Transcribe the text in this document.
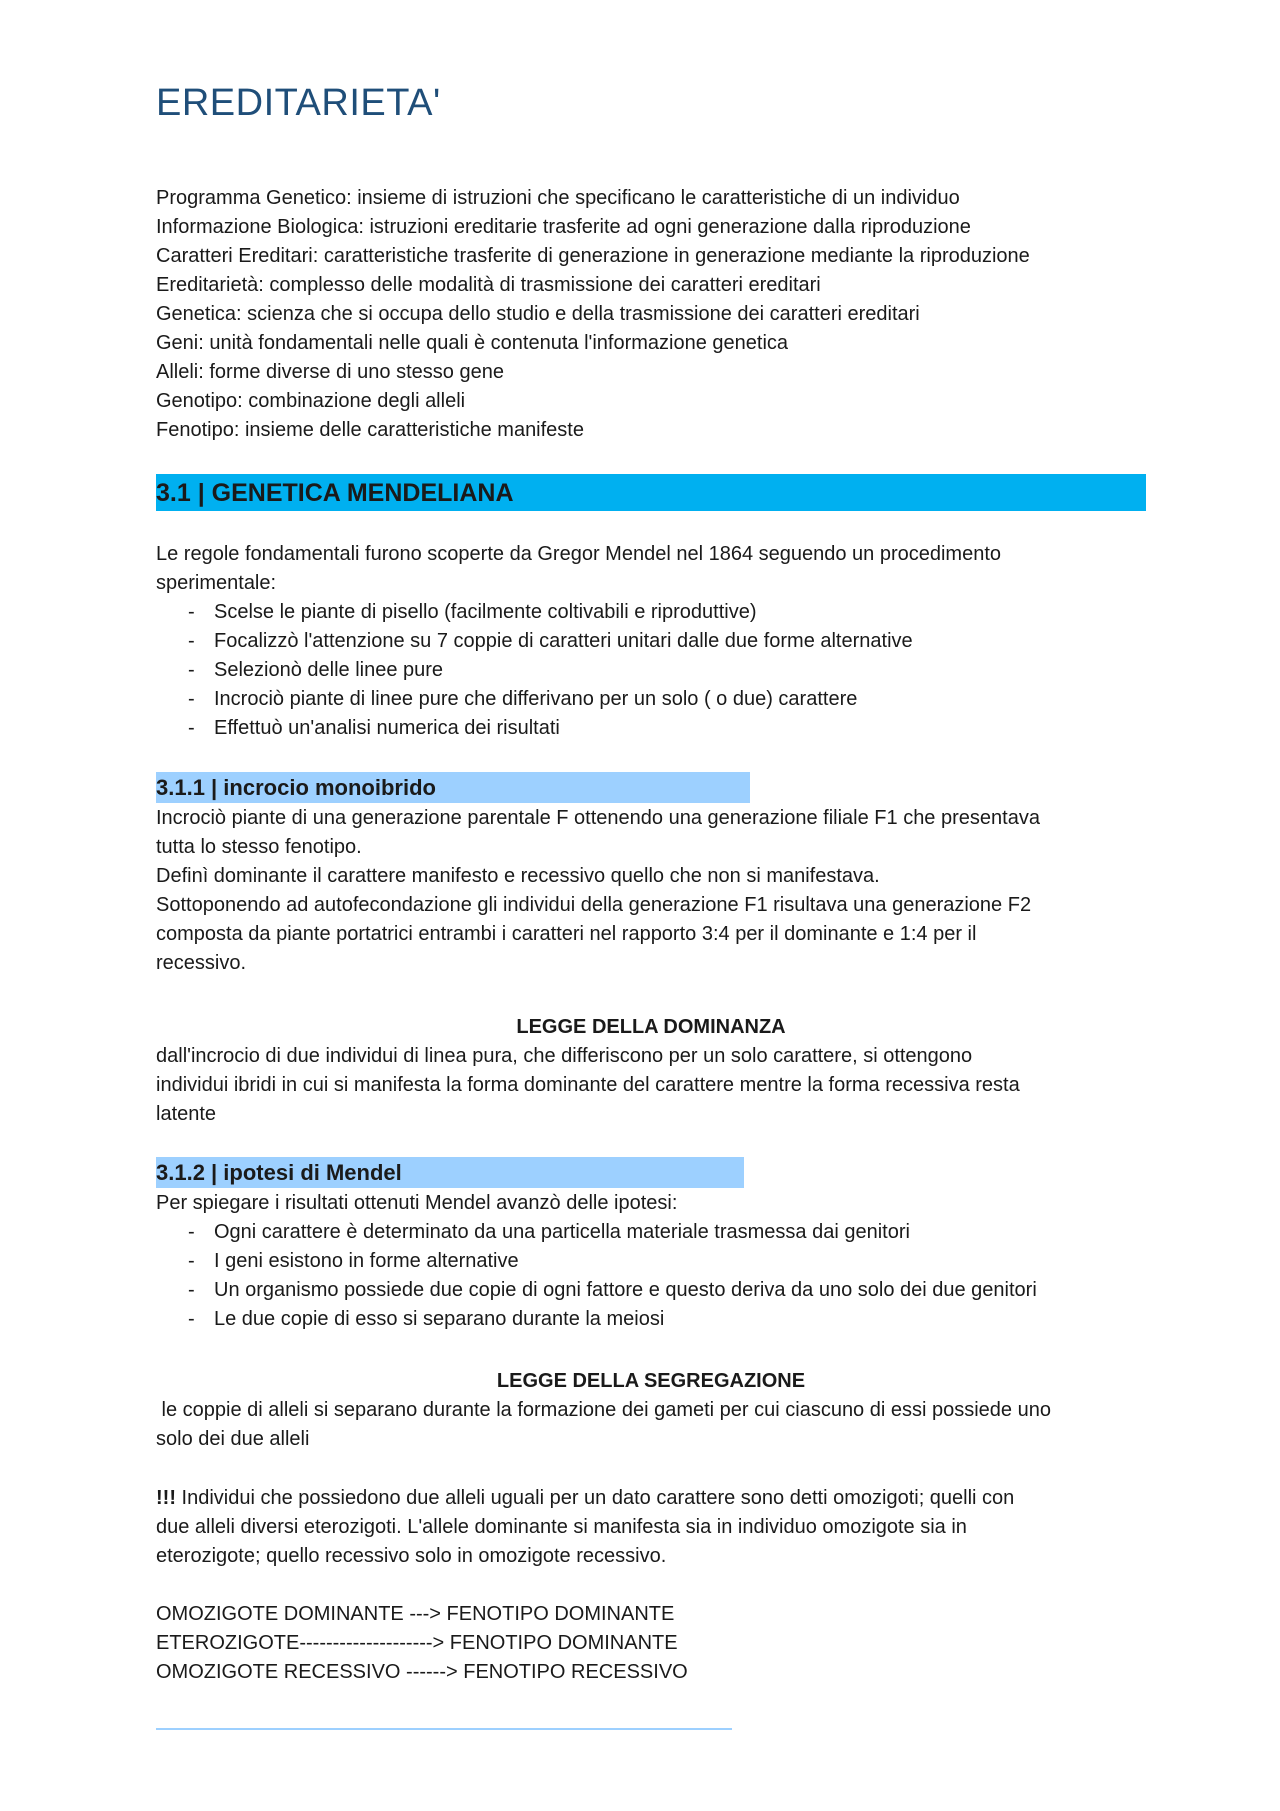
EREDITARIETA'

Programma Genetico: insieme di istruzioni che specificano le caratteristiche di un individuo

Informazione Biologica: istruzioni ereditarie trasferite ad ogni generazione dalla riproduzione

Caratteri Ereditari: caratteristiche trasferite di generazione in generazione mediante la riproduzione

Ereditarietà: complesso delle modalità di trasmissione dei caratteri ereditari

Genetica: scienza che si occupa dello studio e della trasmissione dei caratteri ereditari

Geni: unità fondamentali nelle quali è contenuta l'informazione genetica

Alleli: forme diverse di uno stesso gene

Genotipo: combinazione degli alleli

Fenotipo: insieme delle caratteristiche manifeste

3.1 | GENETICA MENDELIANA

Le regole fondamentali furono scoperte da Gregor Mendel nel 1864 seguendo un procedimento

sperimentale:

- Scelse le piante di pisello (facilmente coltivabili e riproduttive)

- Focalizzò l'attenzione su 7 coppie di caratteri unitari dalle due forme alternative

- Selezionò delle linee pure

- Incrociò piante di linee pure che differivano per un solo ( o due) carattere

- Effettuò un'analisi numerica dei risultati

3.1.1 | incrocio monoibrido

Incrociò piante di una generazione parentale F ottenendo una generazione filiale F1 che presentava

tutta lo stesso fenotipo.

Definì dominante il carattere manifesto e recessivo quello che non si manifestava.

Sottoponendo ad autofecondazione gli individui della generazione F1 risultava una generazione F2

composta da piante portatrici entrambi i caratteri nel rapporto 3:4 per il dominante e 1:4 per il

recessivo.

LEGGE DELLA DOMINANZA

dall'incrocio di due individui di linea pura, che differiscono per un solo carattere, si ottengono

individui ibridi in cui si manifesta la forma dominante del carattere mentre la forma recessiva resta

latente

3.1.2 | ipotesi di Mendel

Per spiegare i risultati ottenuti Mendel avanzò delle ipotesi:

- Ogni carattere è determinato da una particella materiale trasmessa dai genitori

- I geni esistono in forme alternative

- Un organismo possiede due copie di ogni fattore e questo deriva da uno solo dei due genitori

- Le due copie di esso si separano durante la meiosi

LEGGE DELLA SEGREGAZIONE

le coppie di alleli si separano durante la formazione dei gameti per cui ciascuno di essi possiede uno

solo dei due alleli

!!! Individui che possiedono due alleli uguali per un dato carattere sono detti omozigoti; quelli con

due alleli diversi eterozigoti. L'allele dominante si manifesta sia in individuo omozigote sia in

eterozigote; quello recessivo solo in omozigote recessivo.

OMOZIGOTE DOMINANTE ---> FENOTIPO DOMINANTE

ETEROZIGOTE--------------------> FENOTIPO DOMINANTE

OMOZIGOTE RECESSIVO ------> FENOTIPO RECESSIVO
